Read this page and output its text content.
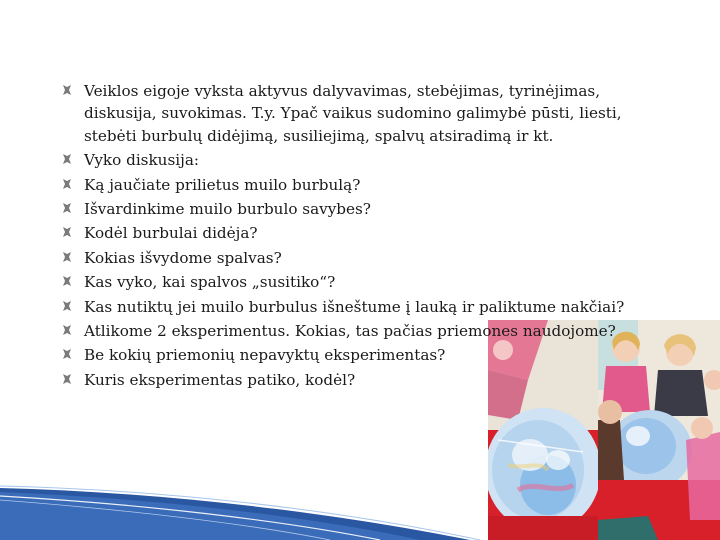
Veiklos eigoje vyksta aktyvus dalyvavimas, stebėjimas, tyrinėjimas, diskusija, suvokimas. T.y. Ypač vaikus sudomino galimybė pūsti, liesti, stebėti burbulų didėjimą, susiliejimą, spalvų atsiradimą ir kt.
Vyko diskusija:
Ką jaučiate prilietus muilo burbulą?
Išvardinkime muilo burbulo savybes?
Kodėl burbulai didėja?
Kokias išvydome spalvas?
Kas vyko, kai spalvos „susitiko“?
Kas nutiktų jei muilo burbulus išneštume į lauką ir paliktume nakčiai?
Atlikome 2 eksperimentus. Kokias, tas pačias priemones naudojome?
Be kokių priemonių nepavyktų eksperimentas?
Kuris eksperimentas patiko, kodėl?
